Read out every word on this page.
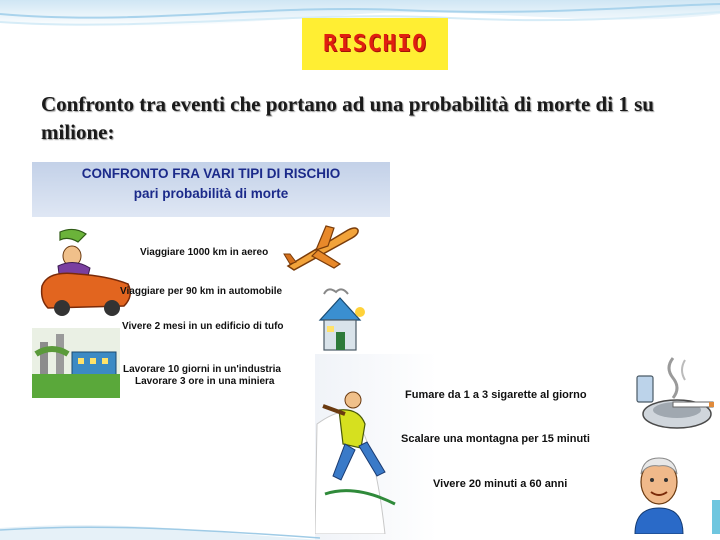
RISCHIO
Confronto tra eventi che portano ad una probabilità di morte di 1 su milione:
CONFRONTO FRA VARI TIPI DI RISCHIO
pari probabilità di morte
Viaggiare 1000 km in aereo
Viaggiare per 90 km in automobile
Vivere 2 mesi in un edificio di tufo
Lavorare 10 giorni in un'industria
Lavorare 3 ore in una miniera
Fumare da 1 a 3 sigarette al giorno
Scalare una montagna per 15 minuti
Vivere 20 minuti a 60 anni
